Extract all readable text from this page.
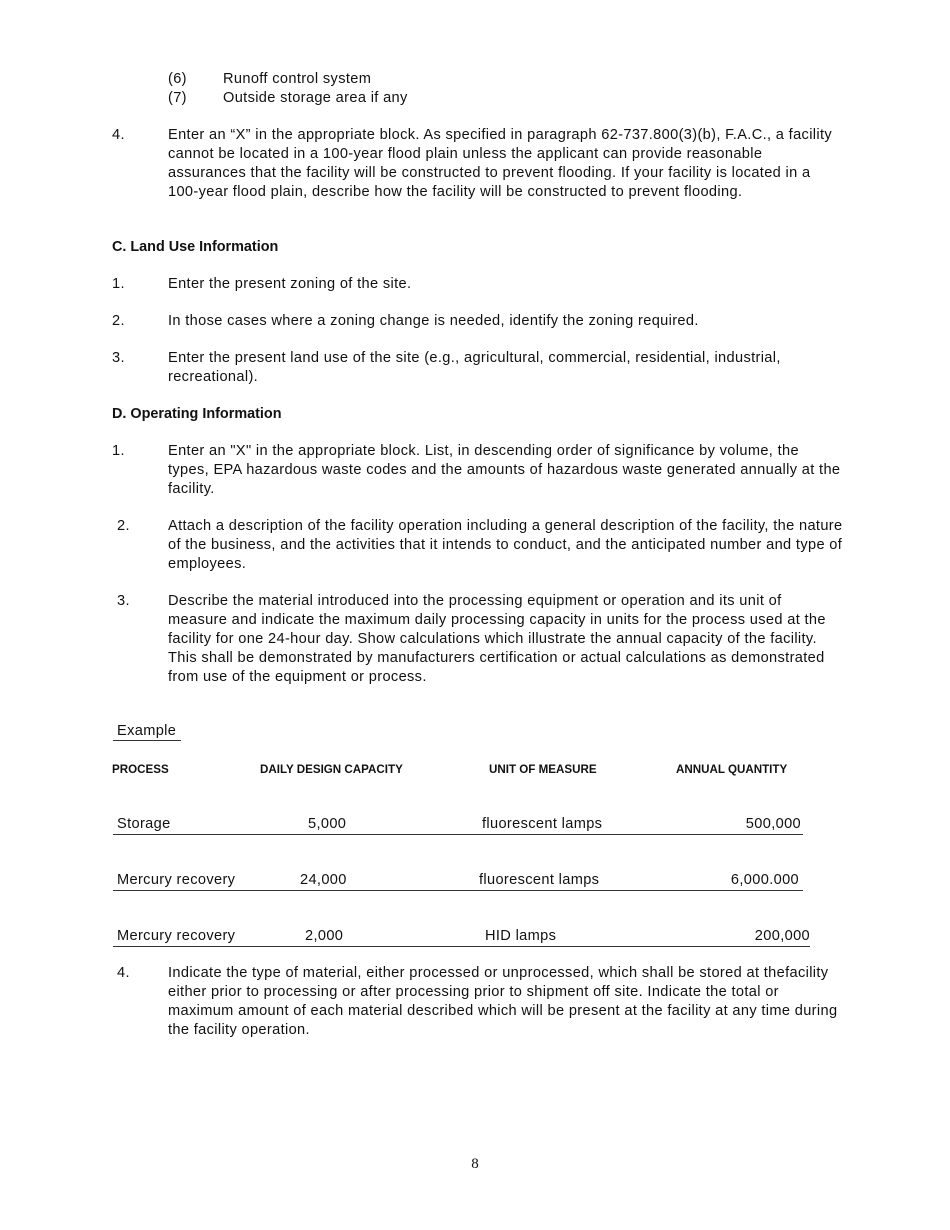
(6) Runoff control system
(7) Outside storage area if any
4.	Enter an “X” in the appropriate block. As specified in paragraph 62-737.800(3)(b), F.A.C., a facility cannot be located in a 100-year flood plain unless the applicant can provide reasonable assurances that the facility will be constructed to prevent flooding. If your facility is located in a 100-year flood plain, describe how the facility will be constructed to prevent flooding.
C. Land Use Information
1.	Enter the present zoning of the site.
2.	In those cases where a zoning change is needed, identify the zoning required.
3.	Enter the present land use of the site (e.g., agricultural, commercial, residential, industrial, recreational).
D. Operating Information
1.	Enter an "X" in the appropriate block. List, in descending order of significance by volume, the types, EPA hazardous waste codes and the amounts of hazardous waste generated annually at the facility.
2.	Attach a description of the facility operation including a general description of the facility, the nature of the business, and the activities that it intends to conduct, and the anticipated number and type of employees.
3.	Describe the material introduced into the processing equipment or operation and its unit of measure and indicate the maximum daily processing capacity in units for the process used at the facility for one 24-hour day. Show calculations which illustrate the annual capacity of the facility. This shall be demonstrated by manufacturers certification or actual calculations as demonstrated from use of the equipment or process.
Example
PROCESS	DAILY DESIGN CAPACITY	UNIT OF MEASURE	ANNUAL QUANTITY
Storage	5,000	fluorescent lamps	500,000
Mercury recovery	24,000	fluorescent lamps	6,000.000
Mercury recovery	2,000	HID lamps	200,000
4.	Indicate the type of material, either processed or unprocessed, which shall be stored at thefacility either prior to processing or after processing prior to shipment off site. Indicate the total or maximum amount of each material described which will be present at the facility at any time during the facility operation.
8
